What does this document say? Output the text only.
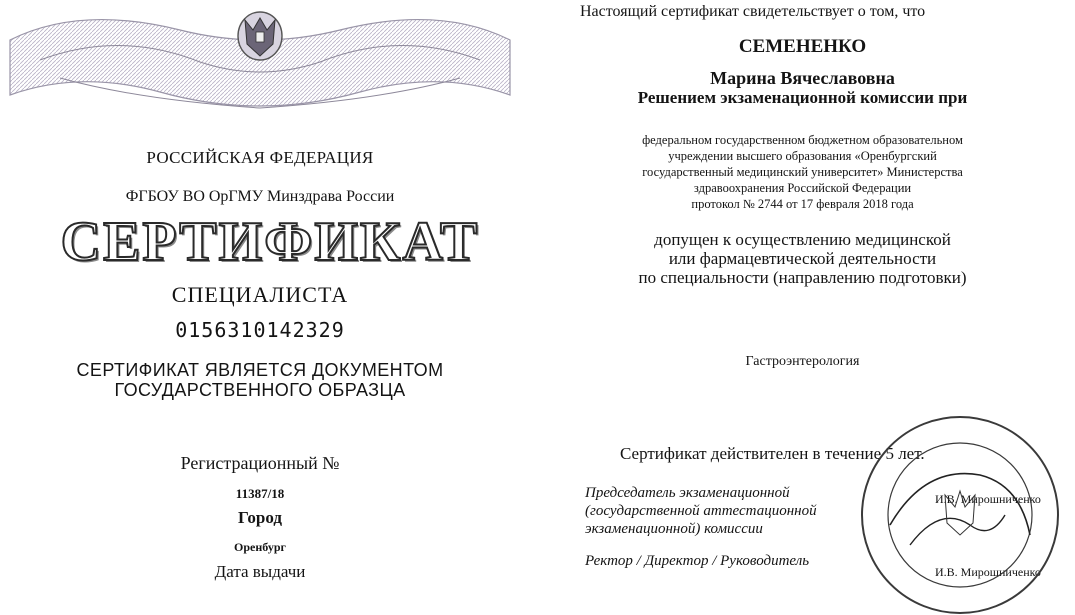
РОССИЙСКАЯ ФЕДЕРАЦИЯ
ФГБОУ ВО ОрГМУ Минздрава России
СЕРТИФИКАТ
СПЕЦИАЛИСТА
0156310142329
СЕРТИФИКАТ ЯВЛЯЕТСЯ ДОКУМЕНТОМ
ГОСУДАРСТВЕННОГО ОБРАЗЦА
Регистрационный №
11387/18
Город
Оренбург
Дата выдачи
Настоящий сертификат свидетельствует о том, что
СЕМЕНЕНКО
Марина Вячеславовна
Решением экзаменационной комиссии при
федеральном государственном бюджетном образовательном
учреждении высшего образования «Оренбургский
государственный медицинский университет» Министерства
здравоохранения Российской Федерации
протокол № 2744 от 17 февраля 2018 года
допущен к осуществлению медицинской
или фармацевтической деятельности
по специальности (направлению подготовки)
Гастроэнтерология
Сертификат действителен в течение 5 лет.
Председатель экзаменационной
(государственной аттестационной
экзаменационной) комиссии
И.В. Мирошниченко
Ректор / Директор / Руководитель
И.В. Мирошниченко
